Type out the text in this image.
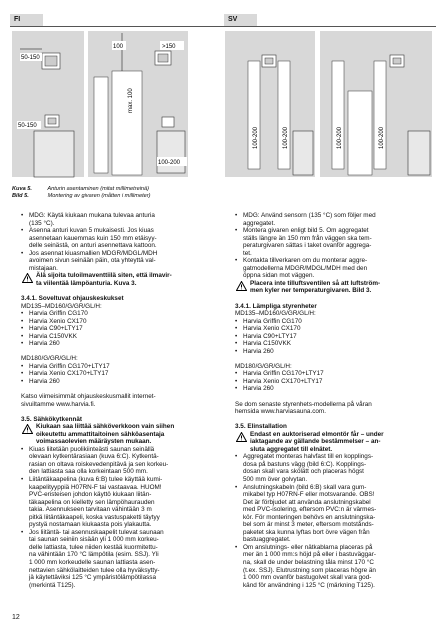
FI	SV
50-150
50-150
100
max. 100
>150
100-200
100-200	100-200	100-200	100-200
Kuva 5.	Anturin asentaminen (mitat millimetreinä)
Bild 5.	Montering av givaren (måtten i millimeter)
• MDG: Käytä kiukaan mukana tulevaa anturia
(135 °C).
• Asenna anturi kuvan 5 mukaisesti. Jos kiuas
asennetaan kauemmas kuin 150 mm etäisyy-
delle seinästä, on anturi asennettava kattoon.
• Jos asennat kiuasmallien MDGR/MDGL/MDH
avoimen sivun seinään päin, ota yhteyttä val-
mistajaan.
Älä sijoita tuloilmaventtiilä siten, että ilmavir-
ta viilentää lämpöanturia. Kuva 3.
3.4.1. Soveltuvat ohjauskeskukset
MD135–MD160/G/GR/GL/H:
• Harvia Griffin CG170
• Harvia Xenio CX170
• Harvia C90+LTY17
• Harvia C150VKK
• Harvia 260
MD180/G/GR/GL/H:
• Harvia Griffin CG170+LTY17
• Harvia Xenio CX170+LTY17
• Harvia 260
Katso viimeisimmät ohjauskeskusmallit internet-
sivuiltamme www.harvia.fi.
3.5. Sähkökytkennät
Kiukaan saa liittää sähköverkkoon vain siihen
oikeutettu ammattitaitoinen sähköasentaja
voimassaolevien määräysten mukaan.
• Kiuas liitetään puolikiinteästi saunan seinällä
olevaan kytkentärasiaan (kuva 6:C). Kytkentä-
rasian on oltava roiskevedenpitävä ja sen korkeu-
den lattiasta saa olla korkeintaan 500 mm.
• Liitäntäkaapelina (kuva 6:B) tulee käyttää kumi-
kaapelityyppiä H07RN-F tai vastaavaa. HUOM!
PVC-eristeisen johdon käyttö kiukaan liitän-
täkaapelina on kielletty sen lämpöhaurauden
takia. Asennukseen tarvitaan vähintään 3 m
pitkä liitäntäkaapeli, koska vastuspaketti täytyy
pystyä nostamaan kiukaasta pois ylakautta.
• Jos liitäntä- tai asennuskaapelit tulevat saunaan
tai saunan seiniin sisään yli 1 000 mm korkeu-
delle lattiasta, tulee niiden kestää kuormitettu-
na vähintään 170 °C lämpötila (esim. SSJ). Yli
1 000 mm korkeudelle saunan lattiasta asen-
nettavien sähkölaitteiden tulee olla hyväksytty-
jä käytettäviksi 125 °C ympäristölämpötilassa
(merkintä T125).
• MDG: Använd sensorn (135 °C) som följer med
aggregatet.
• Montera givaren enligt bild 5. Om aggregatet
ställs längre än 150 mm från väggen ska tem-
peraturgivaren sättas i taket ovanför aggrega-
tet.
• Kontakta tillverkaren om du monterar aggre-
gatmodellerna MDGR/MDGL/MDH med den
öppna sidan mot väggen.
Placera inte tilluftsventilen så att luftström-
men kyler ner temperaturgivaren. Bild 3.
3.4.1. Lämpliga styrenheter
MD135–MD160/G/GR/GL/H:
• Harvia Griffin CG170
• Harvia Xenio CX170
• Harvia C90+LTY17
• Harvia C150VKK
• Harvia 260
MD180/G/GR/GL/H:
• Harvia Griffin CG170+LTY17
• Harvia Xenio CX170+LTY17
• Harvia 260
Se dom senaste styrenhets-modellerna på våran
hemsida www.harviasauna.com.
3.5. Elinstallation
Endast en auktoriserad elmontör får – under
iaktagande av gällande bestämmelser – an-
sluta aggregatet till elnätet.
• Aggregatet monteras halvfast till en kopplings-
dosa på bastuns vägg (bild 6:C). Kopplings-
dosan skall vara skölätt och placeras högst
500 mm över golvytan.
• Anslutningskabeln (bild 6:B) skall vara gum-
mikabel typ H07RN-F eller motsvarande. OBS!
Det är förbjudet att använda anslutningskabel
med PVC-isolering, eftersom PVC:n är värmes-
kör. För monteringen behövs en anslutningska-
bel som är minst 3 meter, eftersom motstånds-
paketet ska kunna lyftas bort övre vägen från
bastuaggregatet.
• Om anslutnings- eller nätkablarna placeras på
mer än 1 000 mm:s höjd på eller i bastuväggar-
na, skall de under belastning tåla minst 170 °C
(t.ex. SSJ). Elutrustning som placeras högre än
1 000 mm ovanför bastugolvet skall vara god-
känd för användning i 125 °C (märkning T125).
12
